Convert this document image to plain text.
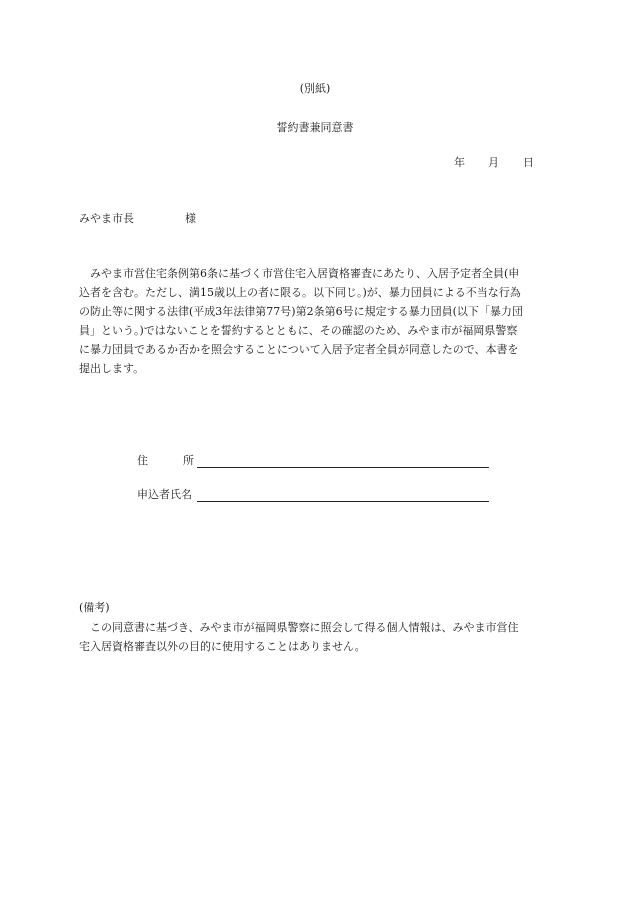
(別紙)
誓約書兼同意書
年 月 日
みやま市長	様
　みやま市営住宅条例第6条に基づく市営住宅入居資格審査にあたり、入居予定者全員(申
込者を含む。ただし、満15歳以上の者に限る。以下同じ。)が、暴力団員による不当な行為
の防止等に関する法律(平成3年法律第77号)第2条第6号に規定する暴力団員(以下「暴力団
員」という。)ではないことを誓約するとともに、その確認のため、みやま市が福岡県警察
に暴力団員であるか否かを照会することについて入居予定者全員が同意したので、本書を
提出します。
住	所
申込者氏名
(備考)
　この同意書に基づき、みやま市が福岡県警察に照会して得る個人情報は、みやま市営住
宅入居資格審査以外の目的に使用することはありません。
